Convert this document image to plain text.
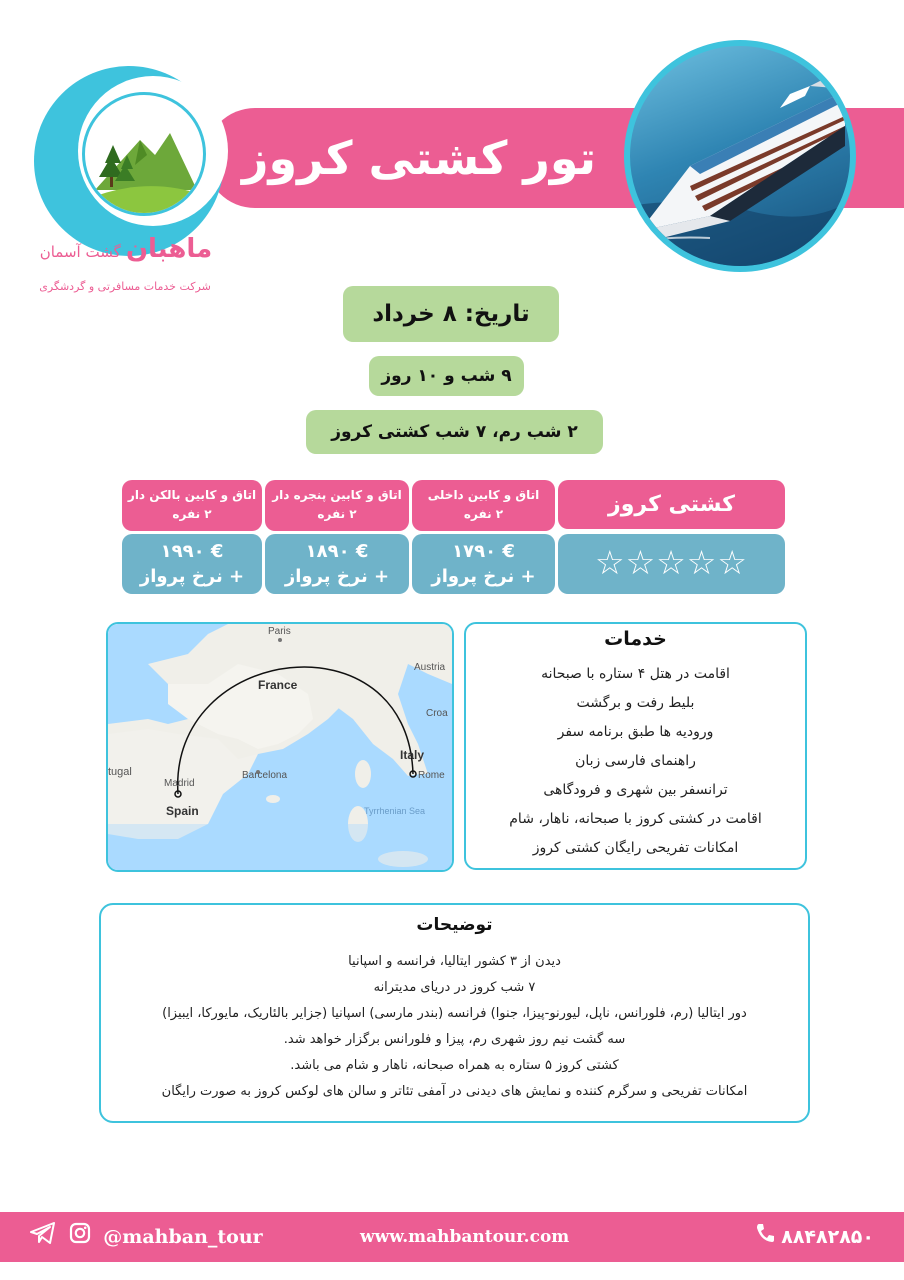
تور کشتی کروز
ماهبان گشت آسمان
شرکت خدمات مسافرتی و گردشگری
تاریخ: ۸ خرداد
۹ شب و ۱۰ روز
۲ شب رم، ۷ شب کشتی کروز
کشتی کروز
اتاق و کابین داخلی
۲ نفره
اتاق و کابین پنجره دار
۲ نفره
اتاق و کابین بالکن دار
۲ نفره
☆☆☆☆☆
€ ۱۷۹۰
+ نرخ پرواز
€ ۱۸۹۰
+ نرخ پرواز
€ ۱۹۹۰
+ نرخ پرواز
Paris
France
Austria
Croa
Italy
Rome
tugal
Madrid
Spain
Barcelona
Tyrrhenian Sea
خدمات
اقامت در هتل ۴ ستاره با صبحانه
بلیط رفت و برگشت
ورودیه ها طبق برنامه سفر
راهنمای فارسی زبان
ترانسفر بین شهری و فرودگاهی
اقامت در کشتی کروز با صبحانه، ناهار، شام
امکانات تفریحی رایگان کشتی کروز
توضیحات
دیدن از ۳ کشور ایتالیا، فرانسه و اسپانیا
۷ شب کروز در دریای مدیترانه
دور ایتالیا (رم، فلورانس، ناپل، لیورنو-پیزا، جنوا) فرانسه (بندر مارسی) اسپانیا (جزایر بالئاریک، مایورکا، ایبیزا)
سه گشت نیم روز شهری رم، پیزا و فلورانس برگزار خواهد شد.
کشتی کروز ۵ ستاره به همراه صبحانه، ناهار و شام می باشد.
امکانات تفریحی و سرگرم کننده و نمایش های دیدنی در آمفی تئاتر و سالن های لوکس کروز به صورت رایگان
@mahban_tour	www.mahbantour.com	۸۸۴۸۲۸۵۰
